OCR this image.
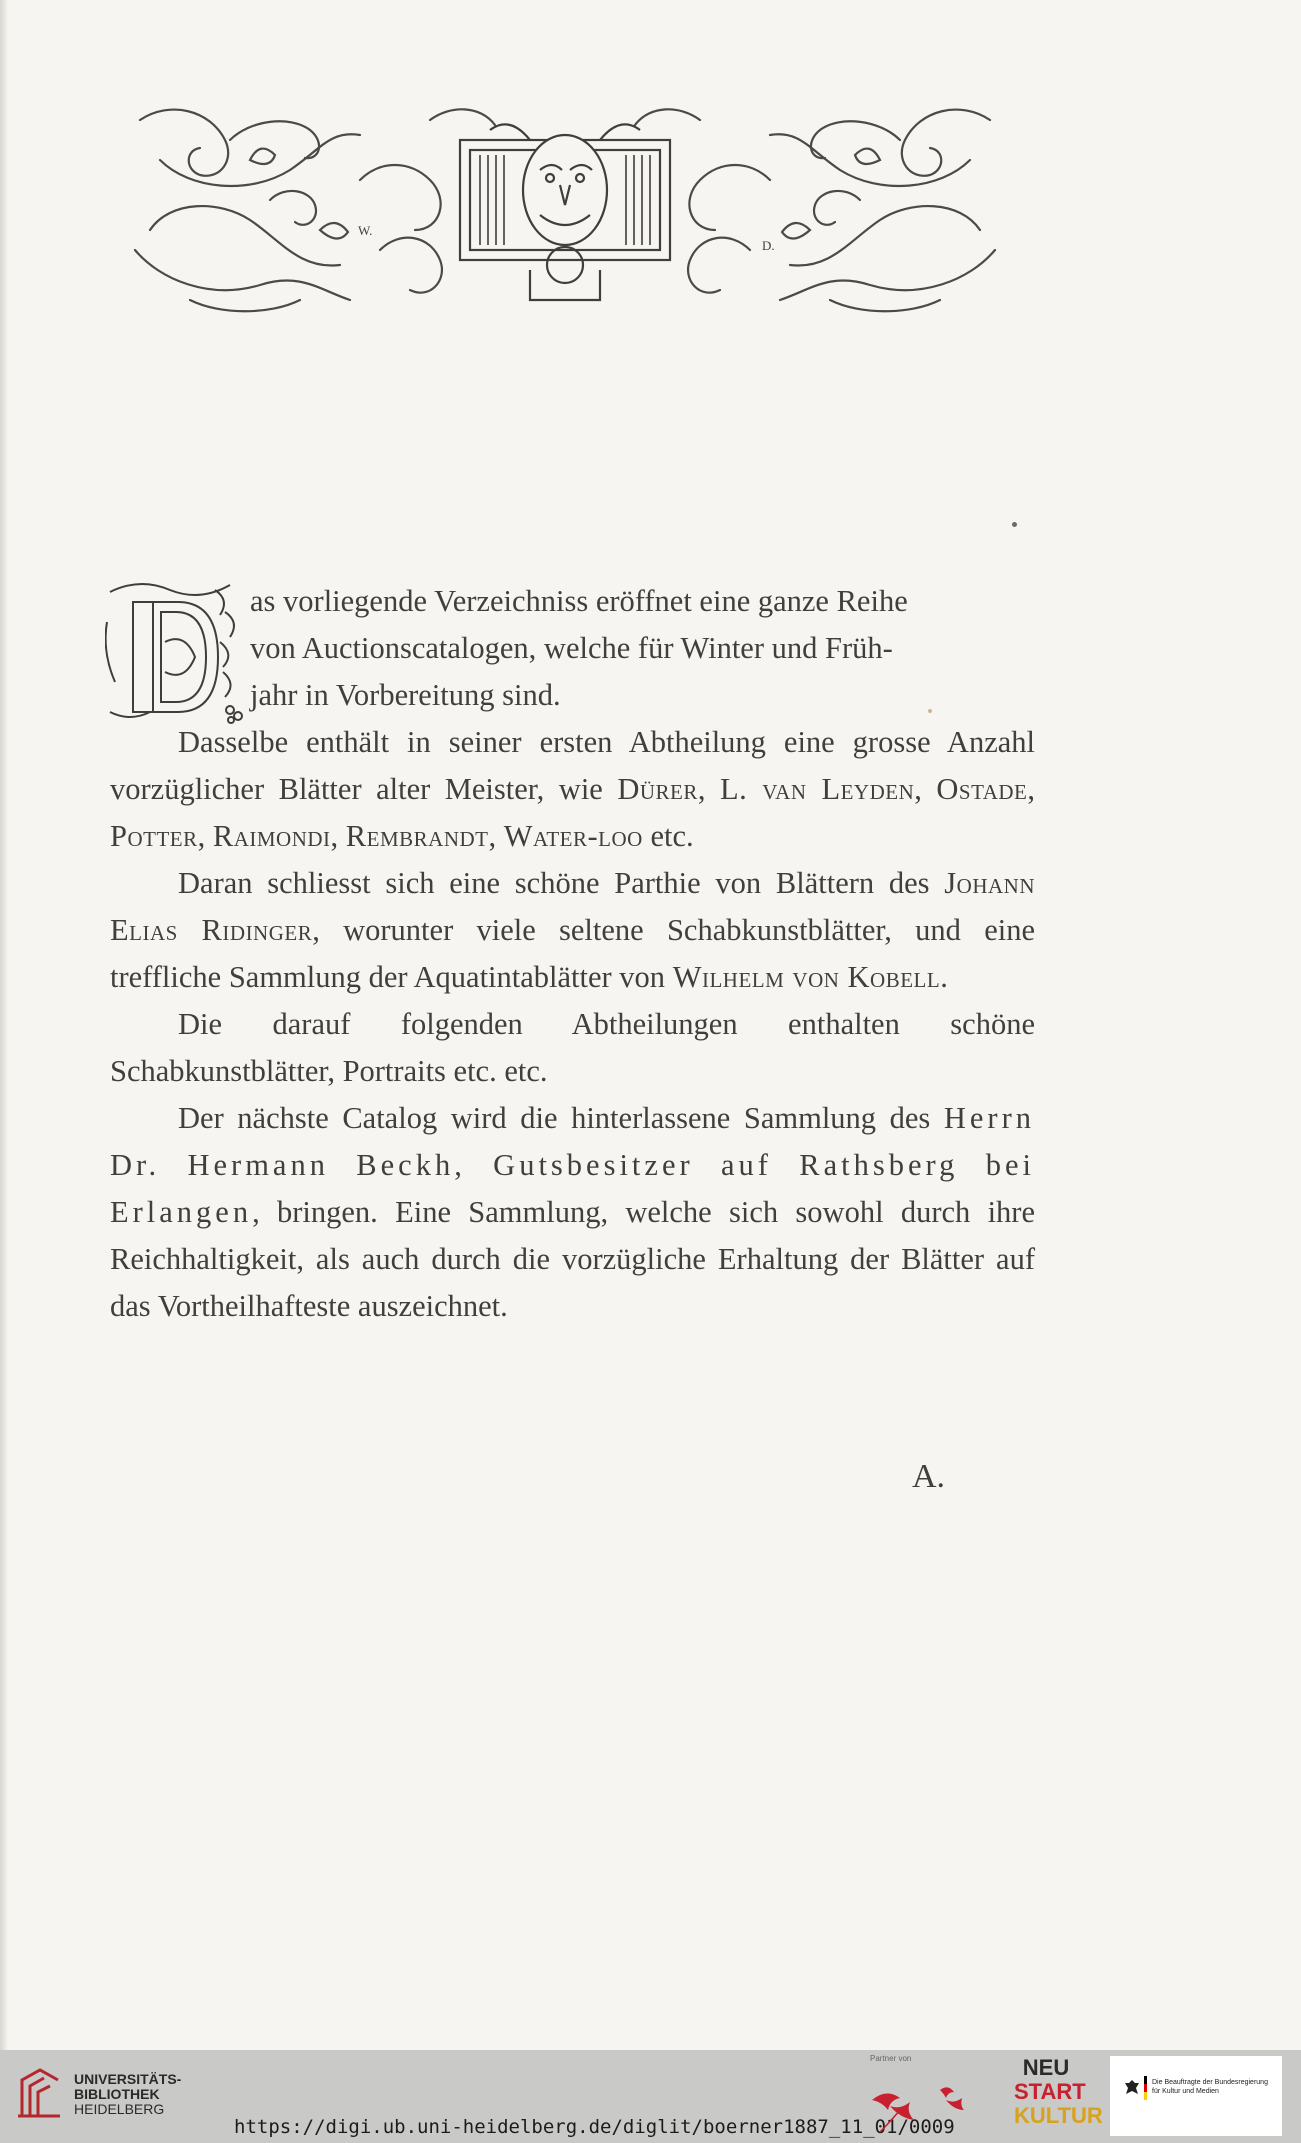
W.
D.

as vorliegende Verzeichniss eröffnet eine ganze Reihe
von Auctionscatalogen, welche für Winter und Früh-
jahr in Vorbereitung sind.

Dasselbe enthält in seiner ersten Abtheilung eine grosse Anzahl vorzüglicher Blätter alter Meister, wie Dürer, L. van Leyden, Ostade, Potter, Raimondi, Rembrandt, Water-loo etc.

Daran schliesst sich eine schöne Parthie von Blättern des Johann Elias Ridinger, worunter viele seltene Schabkunstblätter, und eine treffliche Sammlung der Aquatintablätter von Wilhelm von Kobell.

Die darauf folgenden Abtheilungen enthalten schöne Schabkunstblätter, Portraits etc. etc.

Der nächste Catalog wird die hinterlassene Sammlung des Herrn Dr. Hermann Beckh, Gutsbesitzer auf Rathsberg bei Erlangen, bringen. Eine Sammlung, welche sich sowohl durch ihre Reichhaltigkeit, als auch durch die vorzügliche Erhaltung der Blätter auf das Vortheilhafteste auszeichnet.

A.
UNIVERSITÄTS-
BIBLIOTHEK
HEIDELBERG
https://digi.ub.uni-heidelberg.de/diglit/boerner1887_11_01/0009
Partner von	NEU
START
KULTUR
Die Beauftragte der Bundesregierung für Kultur und Medien
